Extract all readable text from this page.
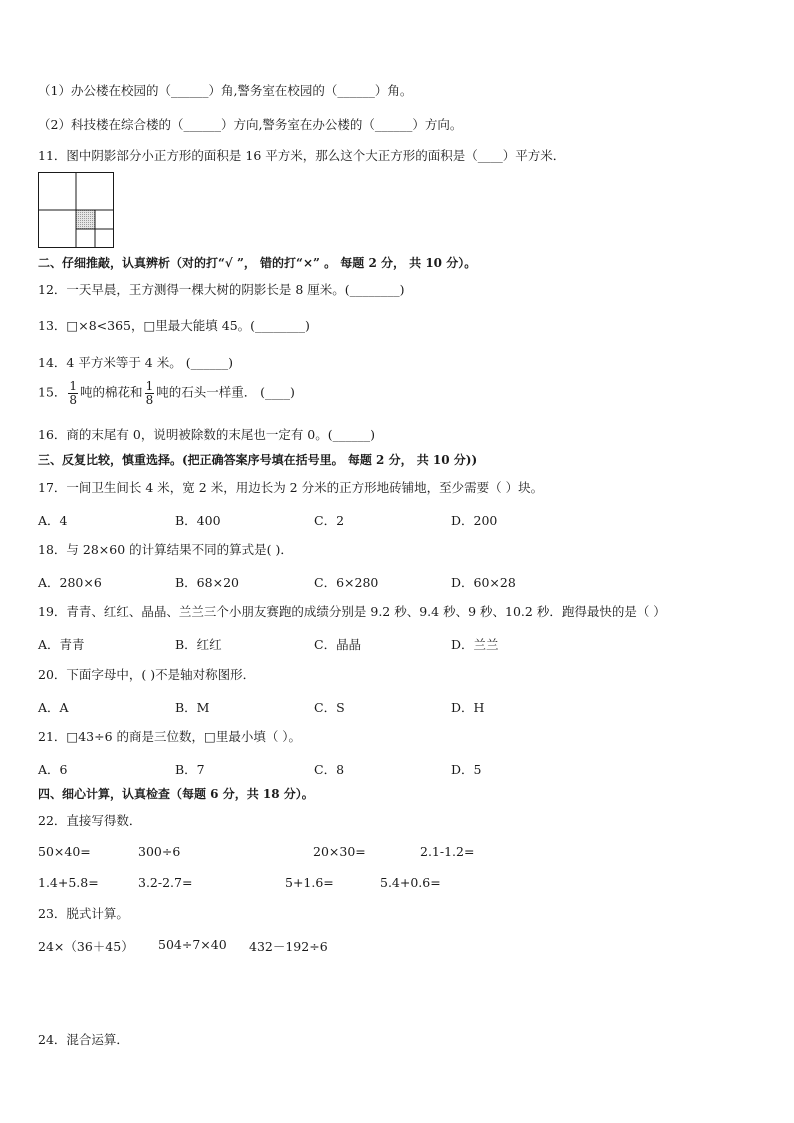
（1）办公楼在校园的（______）角,警务室在校园的（______）角。
（2）科技楼在综合楼的（______）方向,警务室在办公楼的（______）方向。
11．图中阴影部分小正方形的面积是 16 平方米，那么这个大正方形的面积是（____）平方米．
二、仔细推敲，认真辨析（对的打“√ ”， 错的打“×” 。 每题 2 分， 共 10 分）。
12．一天早晨，王方测得一棵大树的阴影长是 8 厘米。(________)
13．□×8<365，□里最大能填 45。(________)
14．4 平方米等于 4 米。 (______)
15． $\frac{1}{8}$ 吨的棉花和 $\frac{1}{8}$ 吨的石头一样重． (____)
16．商的末尾有 0，说明被除数的末尾也一定有 0。(______)
三、反复比较，慎重选择。(把正确答案序号填在括号里。 每题 2 分， 共 10 分))
17．一间卫生间长 4 米，宽 2 米，用边长为 2 分米的正方形地砖铺地，至少需要（ ）块。
A．4	B．400	C．2	D．200
18．与 28×60 的计算结果不同的算式是( )．
A．280×6	B．68×20	C．6×280	D．60×28
19．青青、红红、晶晶、兰兰三个小朋友赛跑的成绩分别是 9.2 秒、9.4 秒、9 秒、10.2 秒．跑得最快的是（ ）
A．青青	B．红红	C．晶晶	D．兰兰
20．下面字母中，( )不是轴对称图形．
A．A	B．M	C．S	D．H
21．□43÷6 的商是三位数，□里最小填（ ）。
A．6	B．7	C．8	D．5
四、细心计算，认真检查（每题 6 分，共 18 分）。
22．直接写得数．
50×40=	300÷6	20×30=	2.1-1.2=
1.4+5.8=	3.2-2.7=	5+1.6=	5.4+0.6=
23．脱式计算。
24×（36＋45） 504÷7×40 432－192÷6
24．混合运算．
